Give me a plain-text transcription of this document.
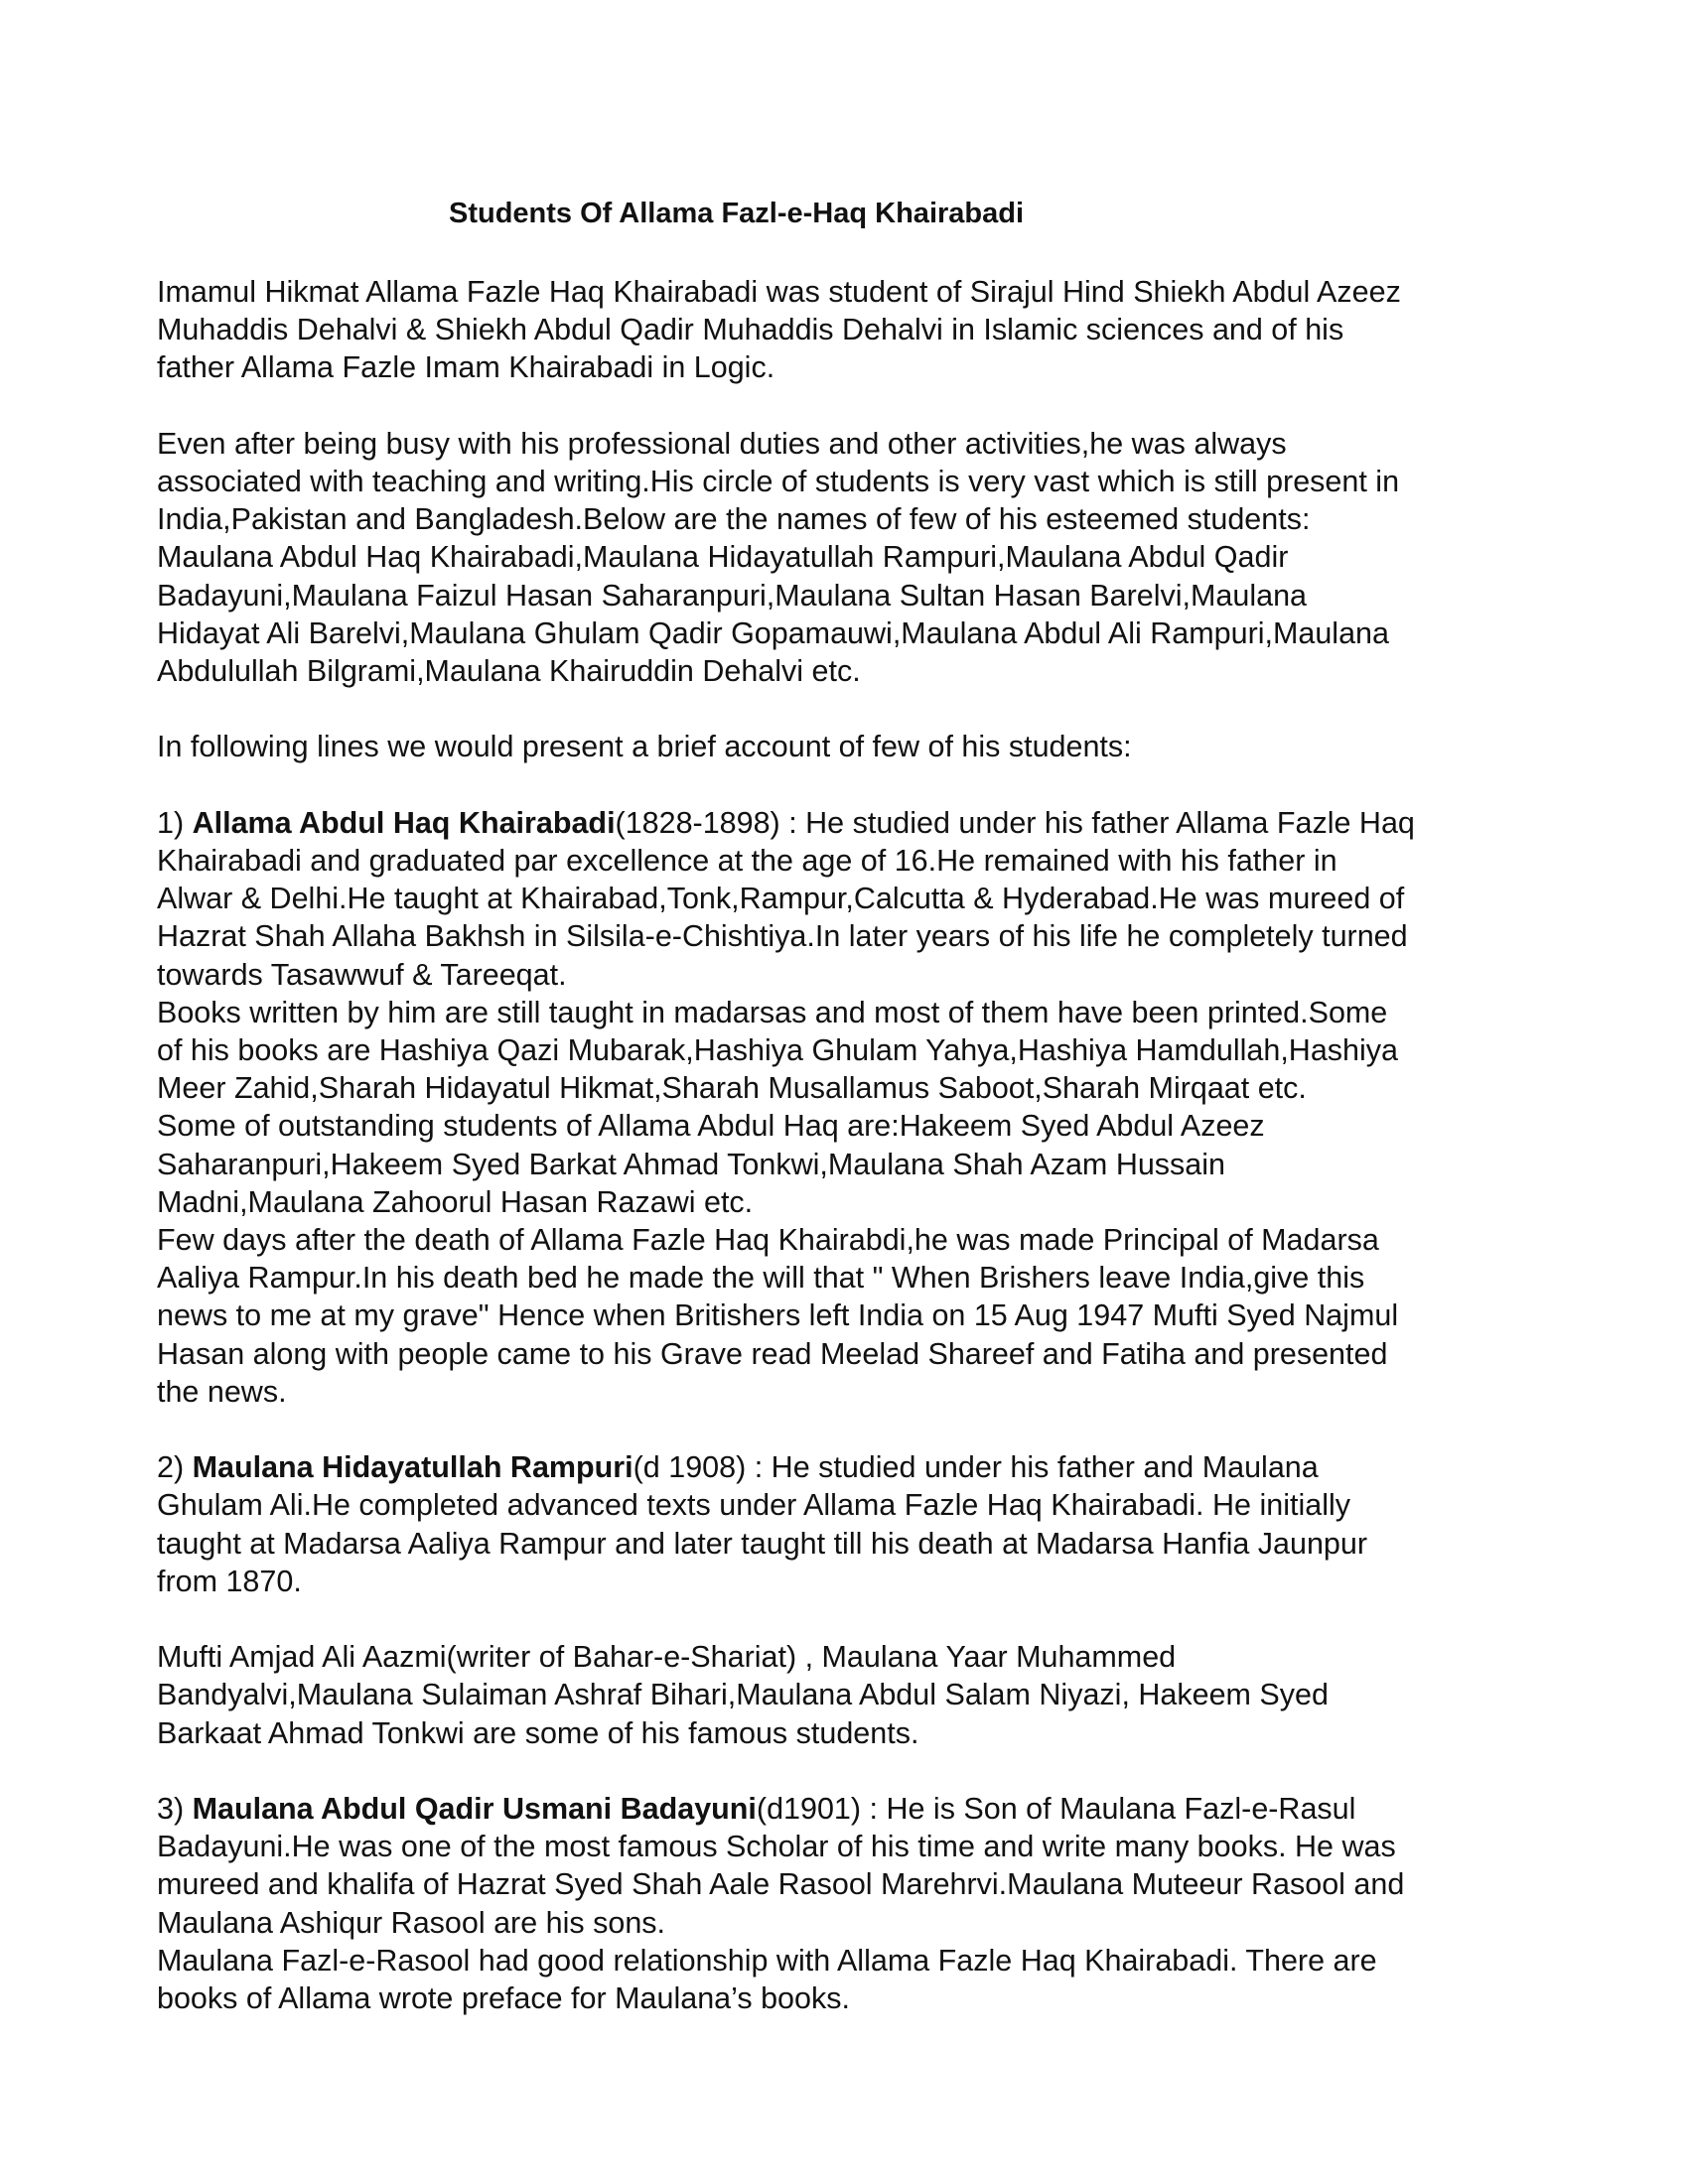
Students Of Allama Fazl-e-Haq Khairabadi

Imamul Hikmat Allama Fazle Haq Khairabadi was student of Sirajul Hind Shiekh Abdul Azeez
Muhaddis Dehalvi & Shiekh Abdul Qadir Muhaddis Dehalvi in Islamic sciences and of his
father Allama Fazle Imam Khairabadi in Logic.

Even after being busy with his professional duties and other activities,he was always
associated with teaching and writing.His circle of students is very vast which is still present in
India,Pakistan and Bangladesh.Below are the names of few of his esteemed students:
Maulana Abdul Haq Khairabadi,Maulana Hidayatullah Rampuri,Maulana Abdul Qadir
Badayuni,Maulana Faizul Hasan Saharanpuri,Maulana Sultan Hasan Barelvi,Maulana
Hidayat Ali Barelvi,Maulana Ghulam Qadir Gopamauwi,Maulana Abdul Ali Rampuri,Maulana
Abdulullah Bilgrami,Maulana Khairuddin Dehalvi etc.

In following lines we would present a brief account of few of his students:

1) Allama Abdul Haq Khairabadi(1828-1898) : He studied under his father Allama Fazle Haq
Khairabadi and graduated par excellence at the age of 16.He remained with his father in
Alwar & Delhi.He taught at Khairabad,Tonk,Rampur,Calcutta & Hyderabad.He was mureed of
Hazrat Shah Allaha Bakhsh in Silsila-e-Chishtiya.In later years of his life he completely turned
towards Tasawwuf & Tareeqat.
Books written by him are still taught in madarsas and most of them have been printed.Some
of his books are Hashiya Qazi Mubarak,Hashiya Ghulam Yahya,Hashiya Hamdullah,Hashiya
Meer Zahid,Sharah Hidayatul Hikmat,Sharah Musallamus Saboot,Sharah Mirqaat etc.
Some of outstanding students of Allama Abdul Haq are:Hakeem Syed Abdul Azeez
Saharanpuri,Hakeem Syed Barkat Ahmad Tonkwi,Maulana Shah Azam Hussain
Madni,Maulana Zahoorul Hasan Razawi etc.
Few days after the death of Allama Fazle Haq Khairabdi,he was made Principal of Madarsa
Aaliya Rampur.In his death bed he made the will that " When Brishers leave India,give this
news to me at my grave" Hence when Britishers left India on 15 Aug 1947 Mufti Syed Najmul
Hasan along with people came to his Grave read Meelad Shareef and Fatiha and presented
the news.

2) Maulana Hidayatullah Rampuri(d 1908) : He studied under his father and Maulana
Ghulam Ali.He completed advanced texts under Allama Fazle Haq Khairabadi. He initially
taught at Madarsa Aaliya Rampur and later taught till his death at Madarsa Hanfia Jaunpur
from 1870.

Mufti Amjad Ali Aazmi(writer of Bahar-e-Shariat) , Maulana Yaar Muhammed
Bandyalvi,Maulana Sulaiman Ashraf Bihari,Maulana Abdul Salam Niyazi, Hakeem Syed
Barkaat Ahmad Tonkwi are some of his famous students.

3) Maulana Abdul Qadir Usmani Badayuni(d1901) : He is Son of Maulana Fazl-e-Rasul
Badayuni.He was one of the most famous Scholar of his time and write many books. He was
mureed and khalifa of Hazrat Syed Shah Aale Rasool Marehrvi.Maulana Muteeur Rasool and
Maulana Ashiqur Rasool are his sons.
Maulana Fazl-e-Rasool had good relationship with Allama Fazle Haq Khairabadi. There are
books of Allama wrote preface for Maulana’s books.
